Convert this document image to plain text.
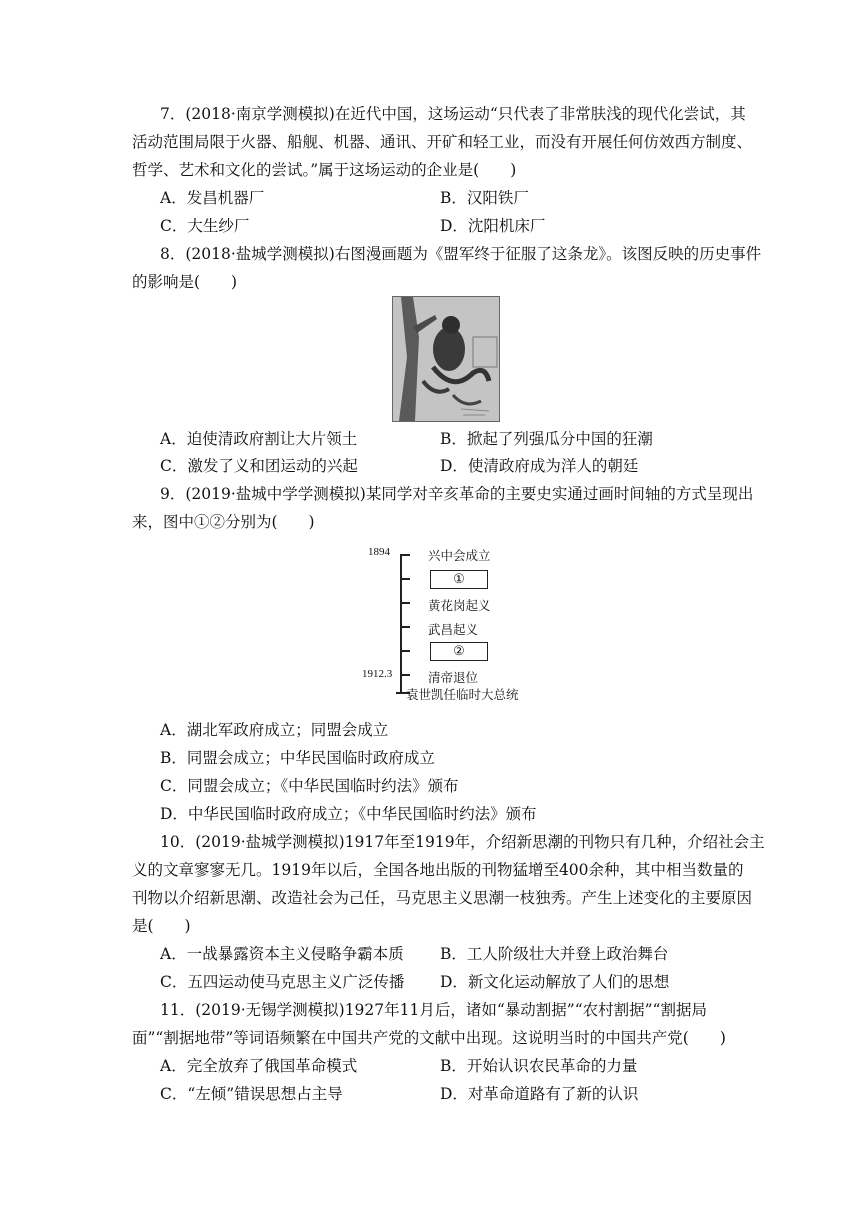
7．(2018·南京学测模拟)在近代中国，这场运动“只代表了非常肤浅的现代化尝试，其
活动范围局限于火器、船舰、机器、通讯、开矿和轻工业，而没有开展任何仿效西方制度、
哲学、艺术和文化的尝试。”属于这场运动的企业是(　　)
A．发昌机器厂	B．汉阳铁厂
C．大生纱厂	D．沈阳机床厂
8．(2018·盐城学测模拟)右图漫画题为《盟军终于征服了这条龙》。该图反映的历史事件
A．迫使清政府割让大片领土	B．掀起了列强瓜分中国的狂潮
C．激发了义和团运动的兴起	D．使清政府成为洋人的朝廷
9．(2019·盐城中学学测模拟)某同学对辛亥革命的主要史实通过画时间轴的方式呈现出
来，图中①②分别为(　　)
1894
1912.3
兴中会成立
①
黄花岗起义
武昌起义
②
清帝退位
袁世凯任临时大总统
A．湖北军政府成立；同盟会成立
B．同盟会成立；中华民国临时政府成立
C．同盟会成立；《中华民国临时约法》颁布
D．中华民国临时政府成立；《中华民国临时约法》颁布
10．(2019·盐城学测模拟)1917年至1919年，介绍新思潮的刊物只有几种，介绍社会主
义的文章寥寥无几。1919年以后，全国各地出版的刊物猛增至400余种，其中相当数量的
刊物以介绍新思潮、改造社会为己任，马克思主义思潮一枝独秀。产生上述变化的主要原因
是(　　)
A．一战暴露资本主义侵略争霸本质 B．工人阶级壮大并登上政治舞台
C．五四运动使马克思主义广泛传播 D．新文化运动解放了人们的思想
11．(2019·无锡学测模拟)1927年11月后，诸如“暴动割据”“农村割据”“割据局
面”“割据地带”等词语频繁在中国共产党的文献中出现。这说明当时的中国共产党(　　)
A．完全放弃了俄国革命模式	B．开始认识农民革命的力量
C．“左倾”错误思想占主导	D．对革命道路有了新的认识
的影响是(　　)
